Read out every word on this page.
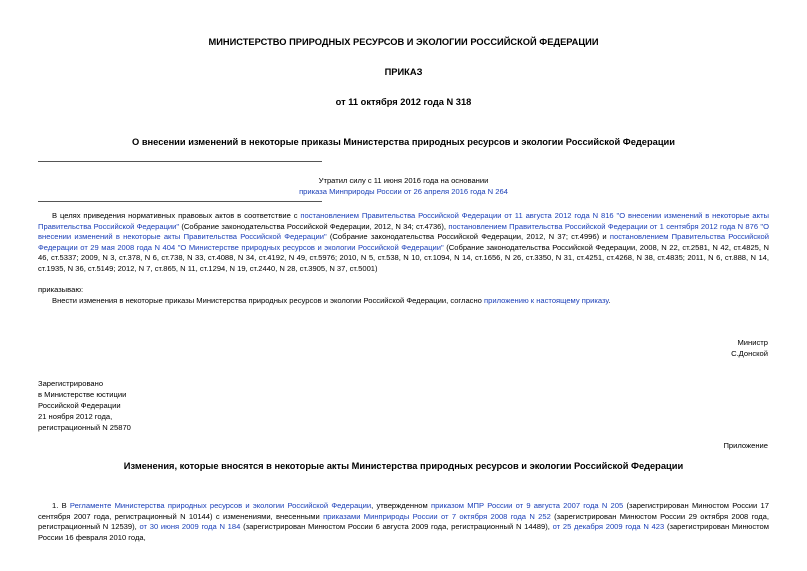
МИНИСТЕРСТВО ПРИРОДНЫХ РЕСУРСОВ И ЭКОЛОГИИ РОССИЙСКОЙ ФЕДЕРАЦИИ
ПРИКАЗ
от 11 октября 2012 года N 318
О внесении изменений в некоторые приказы Министерства природных ресурсов и экологии Российской Федерации
Утратил силу с 11 июня 2016 года на основании
приказа Минприроды России от 26 апреля 2016 года N 264
В целях приведения нормативных правовых актов в соответствие с постановлением Правительства Российской Федерации от 11 августа 2012 года N 816 "О внесении изменений в некоторые акты Правительства Российской Федерации" (Собрание законодательства Российской Федерации, 2012, N 34; ст.4736), постановлением Правительства Российской Федерации от 1 сентября 2012 года N 876 "О внесении изменений в некоторые акты Правительства Российской Федерации" (Собрание законодательства Российской Федерации, 2012, N 37; ст.4996) и постановлением Правительства Российской Федерации от 29 мая 2008 года N 404 "О Министерстве природных ресурсов и экологии Российской Федерации" (Собрание законодательства Российской Федерации, 2008, N 22, ст.2581, N 42, ст.4825, N 46, ст.5337; 2009, N 3, ст.378, N 6, ст.738, N 33, ст.4088, N 34, ст.4192, N 49, ст.5976; 2010, N 5, ст.538, N 10, ст.1094, N 14, ст.1656, N 26, ст.3350, N 31, ст.4251, ст.4268, N 38, ст.4835; 2011, N 6, ст.888, N 14, ст.1935, N 36, ст.5149; 2012, N 7, ст.865, N 11, ст.1294, N 19, ст.2440, N 28, ст.3905, N 37, ст.5001)
приказываю:
Внести изменения в некоторые приказы Министерства природных ресурсов и экологии Российской Федерации, согласно приложению к настоящему приказу.
Министр
С.Донской
Зарегистрировано
в Министерстве юстиции
Российской Федерации
21 ноября 2012 года,
регистрационный N 25870
Приложение
Изменения, которые вносятся в некоторые акты Министерства природных ресурсов и экологии Российской Федерации
1. В Регламенте Министерства природных ресурсов и экологии Российской Федерации, утвержденном приказом МПР России от 9 августа 2007 года N 205 (зарегистрирован Минюстом России 17 сентября 2007 года, регистрационный N 10144) с изменениями, внесенными приказами Минприроды России от 7 октября 2008 года N 252 (зарегистрирован Минюстом России 29 октября 2008 года, регистрационный N 12539), от 30 июня 2009 года N 184 (зарегистрирован Минюстом России 6 августа 2009 года, регистрационный N 14489), от 25 декабря 2009 года N 423 (зарегистрирован Минюстом России 16 февраля 2010 года,
